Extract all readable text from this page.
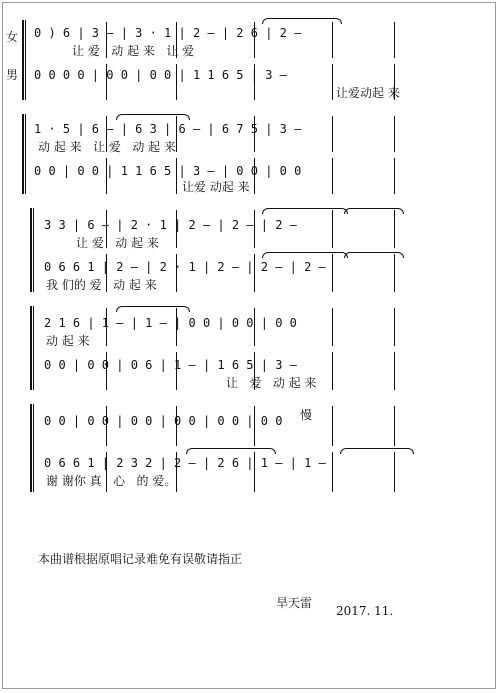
女
男
0 ) 6 | 3 — | 3 · 1 | 2 — | 2 6 | 2 —
让 爱   动 起 来   让 爱
0 0 0 0 | 0 0 | 0 0 | 1 1 6 5 | 3 —
让爱动起 来
1 · 5 | 6 — | 6 3 | 6 — | 6 7 5 | 3 —
动 起 来   让 爱   动 起 来
0 0 | 0 0 | 1 1 6 5 | 3 — | 0 0 | 0 0
让爱 动起 来
3 3 | 6 — | 2 · 1 | 2 — | 2 — | 2 —
让 爱   动 起 来
0 6 6 1 | 2 — | 2 · 1 | 2 — | 2 — | 2 —
我 们的 爱   动 起 来
2 1 6 | 1 — | 1 — | 0 0 | 0 0 | 0 0
动 起 来
0 0 | 0 0 | 0 6 | 1 — | 1 6 5 | 3 —
让   爱   动 起 来
0 0 | 0 0 | 0 0 | 0 0 | 0 0 | 0 0 慢
0 6 6 1 | 2 3 2 | 2 — | 2 6 | 1 — | 1 —
谢 谢你 真   心   的 爱。
本曲谱根据原唱记录难免有误敬请指正
旱天雷
2017. 11.
